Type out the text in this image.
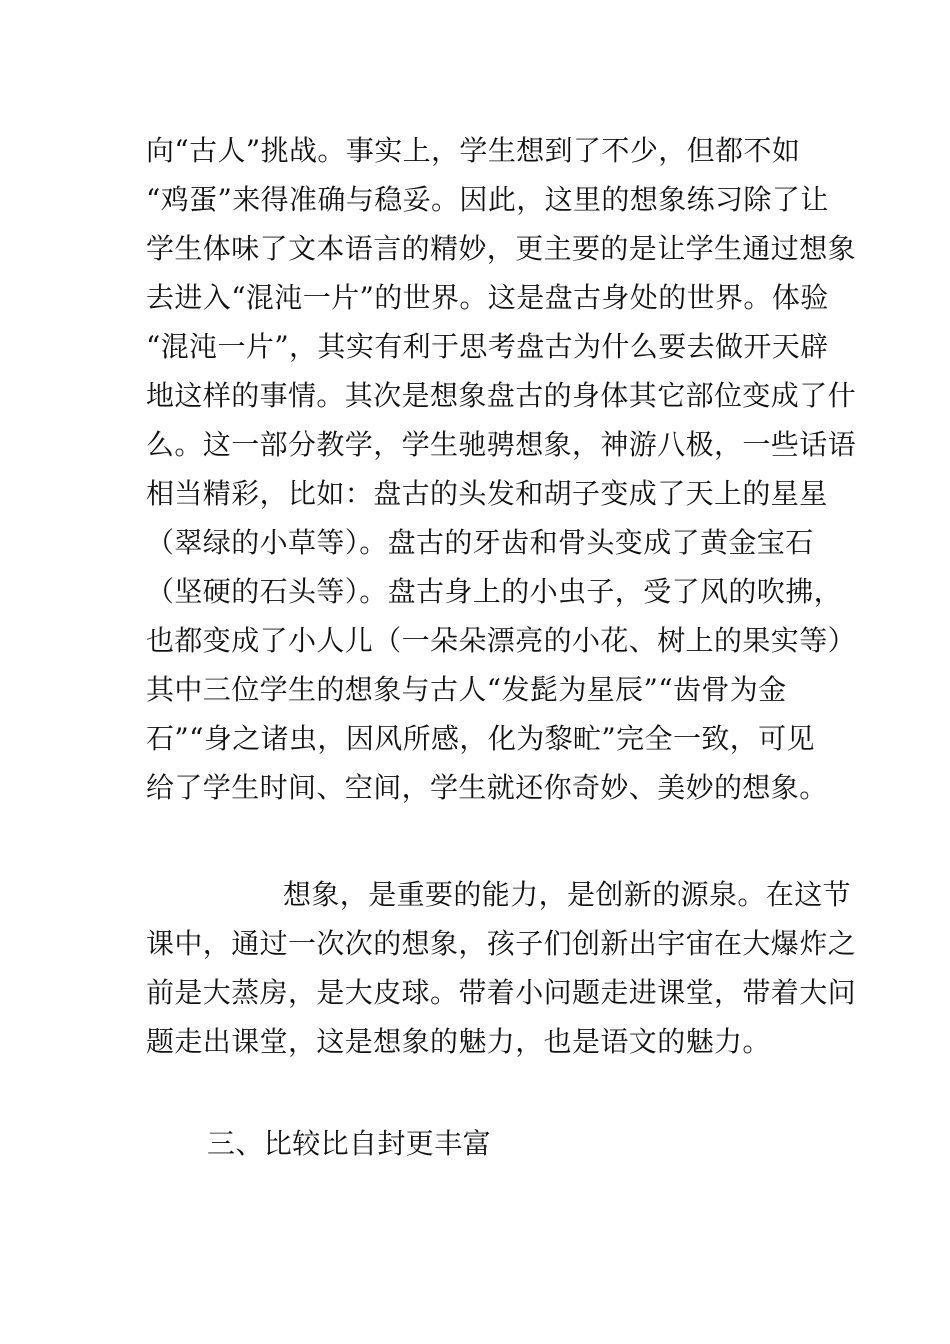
向“古人”挑战。事实上，学生想到了不少，但都不如

“鸡蛋”来得准确与稳妥。因此，这里的想象练习除了让

学生体味了文本语言的精妙，更主要的是让学生通过想象

去进入“混沌一片”的世界。这是盘古身处的世界。体验

“混沌一片”，其实有利于思考盘古为什么要去做开天辟

地这样的事情。其次是想象盘古的身体其它部位变成了什

么。这一部分教学，学生驰骋想象，神游八极，一些话语

相当精彩，比如：盘古的头发和胡子变成了天上的星星

（翠绿的小草等）。盘古的牙齿和骨头变成了黄金宝石

（坚硬的石头等）。盘古身上的小虫子，受了风的吹拂，

也都变成了小人儿（一朵朵漂亮的小花、树上的果实等）

其中三位学生的想象与古人“发髭为星辰”“齿骨为金

石”“身之诸虫，因风所感，化为黎甿”完全一致，可见

给了学生时间、空间，学生就还你奇妙、美妙的想象。

想象，是重要的能力，是创新的源泉。在这节

课中，通过一次次的想象，孩子们创新出宇宙在大爆炸之

前是大蒸房，是大皮球。带着小问题走进课堂，带着大问

题走出课堂，这是想象的魅力，也是语文的魅力。

三、比较比自封更丰富
